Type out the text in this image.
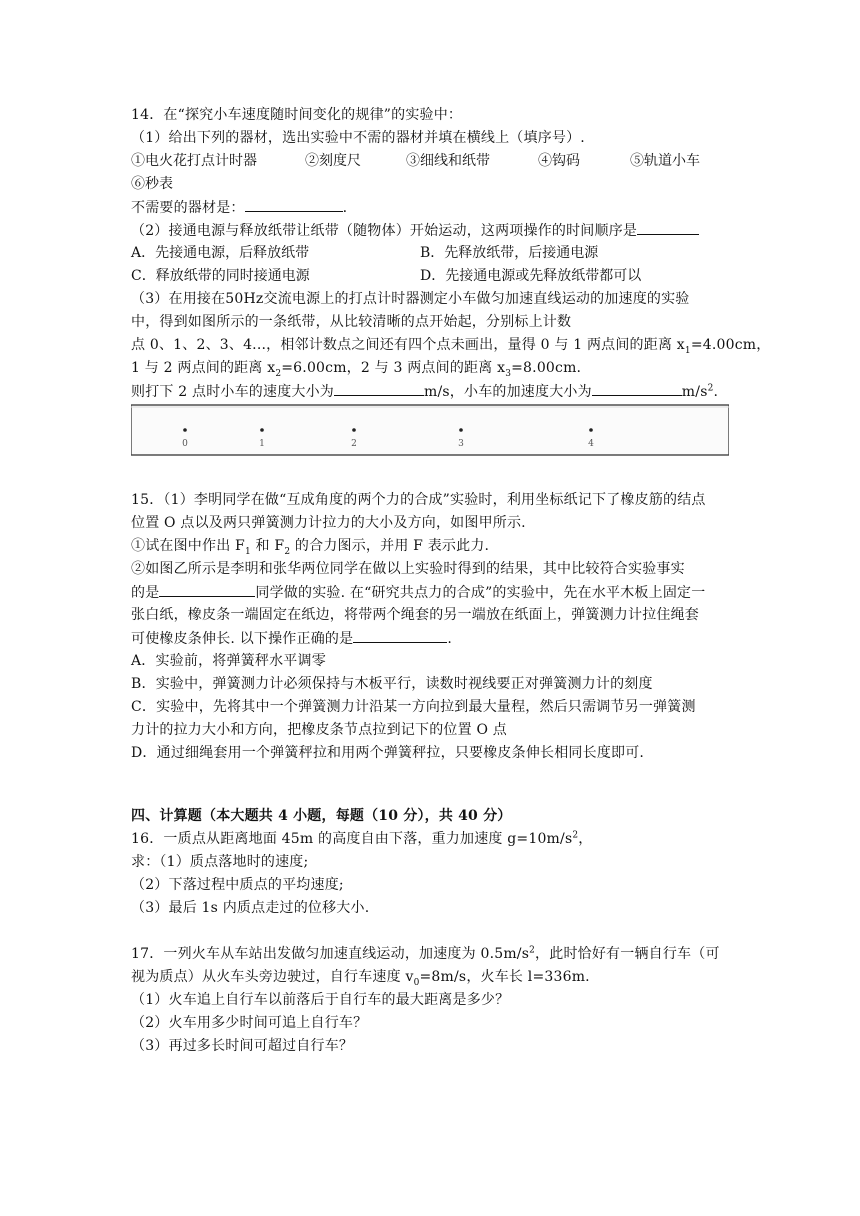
14．在“探究小车速度随时间变化的规律”的实验中：
（1）给出下列的器材，选出实验中不需的器材并填在横线上（填序号）.
①电火花打点计时器	②刻度尺	③细线和纸带	④钩码	⑤轨道小车
⑥秒表
不需要的器材是：	.
（2）接通电源与释放纸带让纸带（随物体）开始运动，这两项操作的时间顺序是
A．先接通电源，后释放纸带	B．先释放纸带，后接通电源
C．释放纸带的同时接通电源	D．先接通电源或先释放纸带都可以
（3）在用接在50Hz交流电源上的打点计时器测定小车做匀加速直线运动的加速度的实验
中，得到如图所示的一条纸带，从比较清晰的点开始起，分别标上计数
点 0、1、2、3、4...，相邻计数点之间还有四个点未画出，量得 0 与 1 两点间的距离 $x_1=4.00cm$，
1 与 2 两点间的距离 $x_2=6.00cm$，2 与 3 两点间的距离 $x_3=8.00cm$.
则打下 2 点时小车的速度大小为	m/s，小车的加速度大小为	$m/s^2$.
0	1	2	3	4
15．（1）李明同学在做“互成角度的两个力的合成”实验时，利用坐标纸记下了橡皮筋的结点
位置 O 点以及两只弹簧测力计拉力的大小及方向，如图甲所示.
①试在图中作出 $F_1$ 和 $F_2$ 的合力图示，并用 F 表示此力.
②如图乙所示是李明和张华两位同学在做以上实验时得到的结果，其中比较符合实验事实
的是	同学做的实验. 在“研究共点力的合成”的实验中，先在水平木板上固定一
张白纸，橡皮条一端固定在纸边，将带两个绳套的另一端放在纸面上，弹簧测力计拉住绳套
可使橡皮条伸长. 以下操作正确的是	.
A．实验前，将弹簧秤水平调零
B．实验中，弹簧测力计必须保持与木板平行，读数时视线要正对弹簧测力计的刻度
C．实验中，先将其中一个弹簧测力计沿某一方向拉到最大量程，然后只需调节另一弹簧测
力计的拉力大小和方向，把橡皮条节点拉到记下的位置 O 点
D．通过细绳套用一个弹簧秤拉和用两个弹簧秤拉，只要橡皮条伸长相同长度即可.
四、计算题（本大题共 4 小题，每题（10 分），共 40 分）
16．一质点从距离地面 45m 的高度自由下落，重力加速度 $g=10m/s^2$，
求：（1）质点落地时的速度;
（2）下落过程中质点的平均速度;
（3）最后 1s 内质点走过的位移大小.
17．一列火车从车站出发做匀加速直线运动，加速度为 $0.5m/s^2$，此时恰好有一辆自行车（可
视为质点）从火车头旁边驶过，自行车速度 $v_0=8m/s$，火车长 l=336m.
（1）火车追上自行车以前落后于自行车的最大距离是多少？
（2）火车用多少时间可追上自行车？
（3）再过多长时间可超过自行车？
